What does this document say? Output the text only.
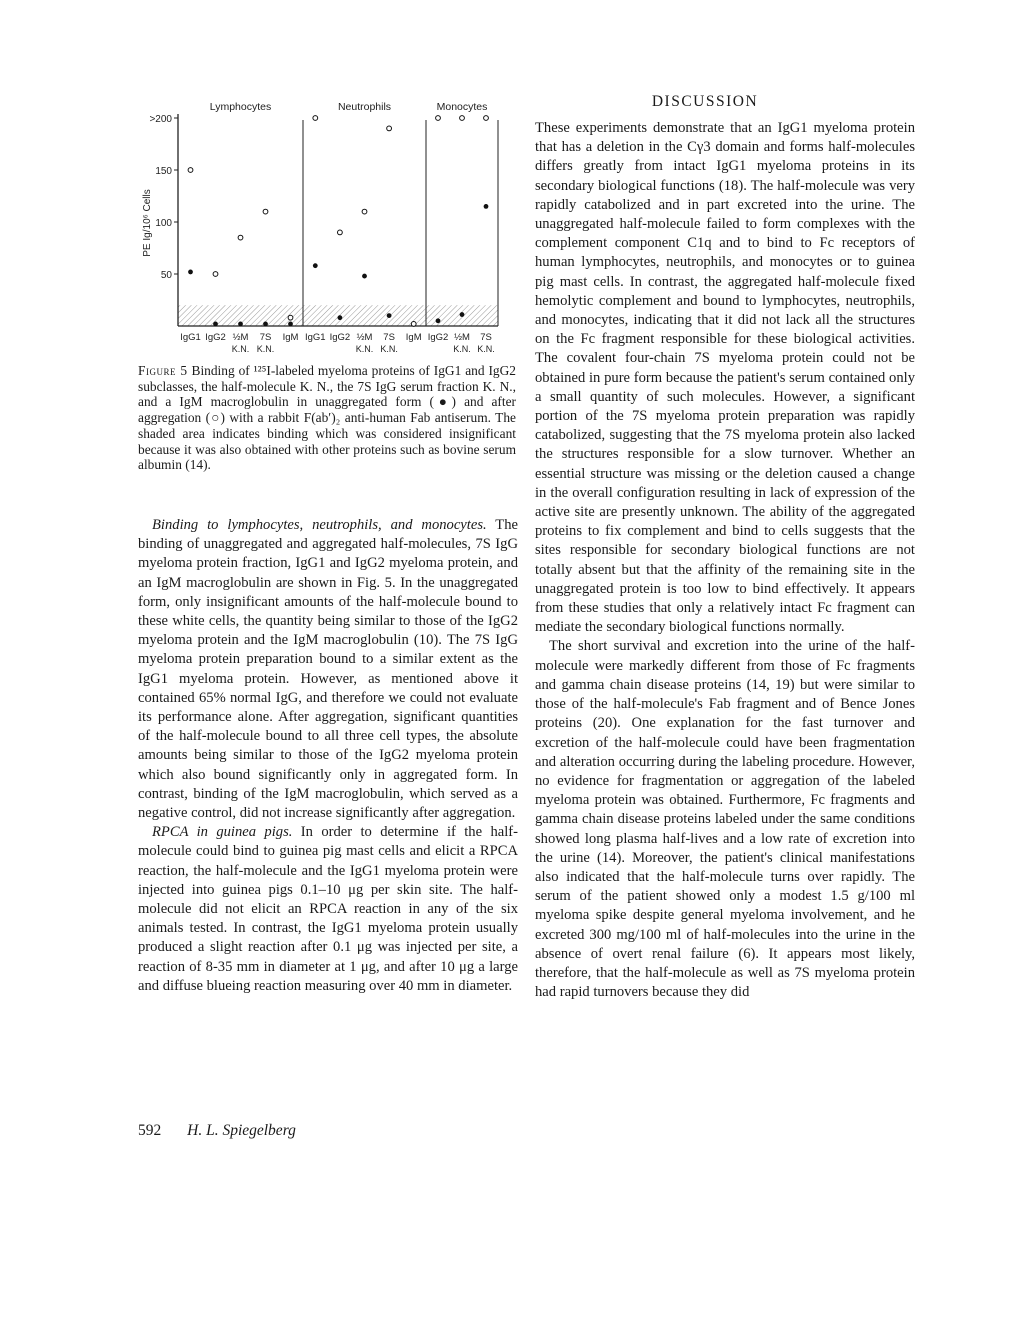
>200
150
100
50
PE Ig/10⁶ Cells
Lymphocytes
IgG1 IgG2 ½M 7S IgM
Neutrophils
IgG1 IgG2 ½M 7S IgM
Monocytes
IgG2 ½M 7S
K.N. K.N.	K.N. K.N.	K.N. K.N.
Figure 5 Binding of ¹²⁵I-labeled myeloma proteins of IgG1 and IgG2 subclasses, the half-molecule K. N., the 7S IgG serum fraction K. N., and a IgM macroglobulin in unaggregated form (●) and after aggregation (○) with a rabbit F(ab′)₂ anti-human Fab antiserum. The shaded area indicates binding which was considered insignificant because it was also obtained with other proteins such as bovine serum albumin (14).

Binding to lymphocytes, neutrophils, and monocytes. The binding of unaggregated and aggregated half-molecules, 7S IgG myeloma protein fraction, IgG1 and IgG2 myeloma protein, and an IgM macroglobulin are shown in Fig. 5. In the unaggregated form, only insignificant amounts of the half-molecule bound to these white cells, the quantity being similar to those of the IgG2 myeloma protein and the IgM macroglobulin (10). The 7S IgG myeloma protein preparation bound to a similar extent as the IgG1 myeloma protein. However, as mentioned above it contained 65% normal IgG, and therefore we could not evaluate its performance alone. After aggregation, significant quantities of the half-molecule bound to all three cell types, the absolute amounts being similar to those of the IgG2 myeloma protein which also bound significantly only in aggregated form. In contrast, binding of the IgM macroglobulin, which served as a negative control, did not increase significantly after aggregation.

RPCA in guinea pigs. In order to determine if the half-molecule could bind to guinea pig mast cells and elicit a RPCA reaction, the half-molecule and the IgG1 myeloma protein were injected into guinea pigs 0.1–10 μg per skin site. The half-molecule did not elicit an RPCA reaction in any of the six animals tested. In contrast, the IgG1 myeloma protein usually produced a slight reaction after 0.1 μg was injected per site, a reaction of 8-35 mm in diameter at 1 μg, and after 10 μg a large and diffuse blueing reaction measuring over 40 mm in diameter.

DISCUSSION

These experiments demonstrate that an IgG1 myeloma protein that has a deletion in the Cγ3 domain and forms half-molecules differs greatly from intact IgG1 myeloma proteins in its secondary biological functions (18). The half-molecule was very rapidly catabolized and in part excreted into the urine. The unaggregated half-molecule failed to form complexes with the complement component C1q and to bind to Fc receptors of human lymphocytes, neutrophils, and monocytes or to guinea pig mast cells. In contrast, the aggregated half-molecule fixed hemolytic complement and bound to lymphocytes, neutrophils, and monocytes, indicating that it did not lack all the structures on the Fc fragment responsible for these biological activities. The covalent four-chain 7S myeloma protein could not be obtained in pure form because the patient's serum contained only a small quantity of such molecules. However, a significant portion of the 7S myeloma protein preparation was rapidly catabolized, suggesting that the 7S myeloma protein also lacked the structures responsible for a slow turnover. Whether an essential structure was missing or the deletion caused a change in the overall configuration resulting in lack of expression of the active site are presently unknown. The ability of the aggregated proteins to fix complement and bind to cells suggests that the sites responsible for secondary biological functions are not totally absent but that the affinity of the remaining site in the unaggregated protein is too low to bind effectively. It appears from these studies that only a relatively intact Fc fragment can mediate the secondary biological functions normally.

The short survival and excretion into the urine of the half-molecule were markedly different from those of Fc fragments and gamma chain disease proteins (14, 19) but were similar to those of the half-molecule's Fab fragment and of Bence Jones proteins (20). One explanation for the fast turnover and excretion of the half-molecule could have been fragmentation and alteration occurring during the labeling procedure. However, no evidence for fragmentation or aggregation of the labeled myeloma protein was obtained. Furthermore, Fc fragments and gamma chain disease proteins labeled under the same conditions showed long plasma half-lives and a low rate of excretion into the urine (14). Moreover, the patient's clinical manifestations also indicated that the half-molecule turns over rapidly. The serum of the patient showed only a modest 1.5 g/100 ml myeloma spike despite general myeloma involvement, and he excreted 300 mg/100 ml of half-molecules into the urine in the absence of overt renal failure (6). It appears most likely, therefore, that the half-molecule as well as 7S myeloma protein had rapid turnovers because they did

592 H. L. Spiegelberg
